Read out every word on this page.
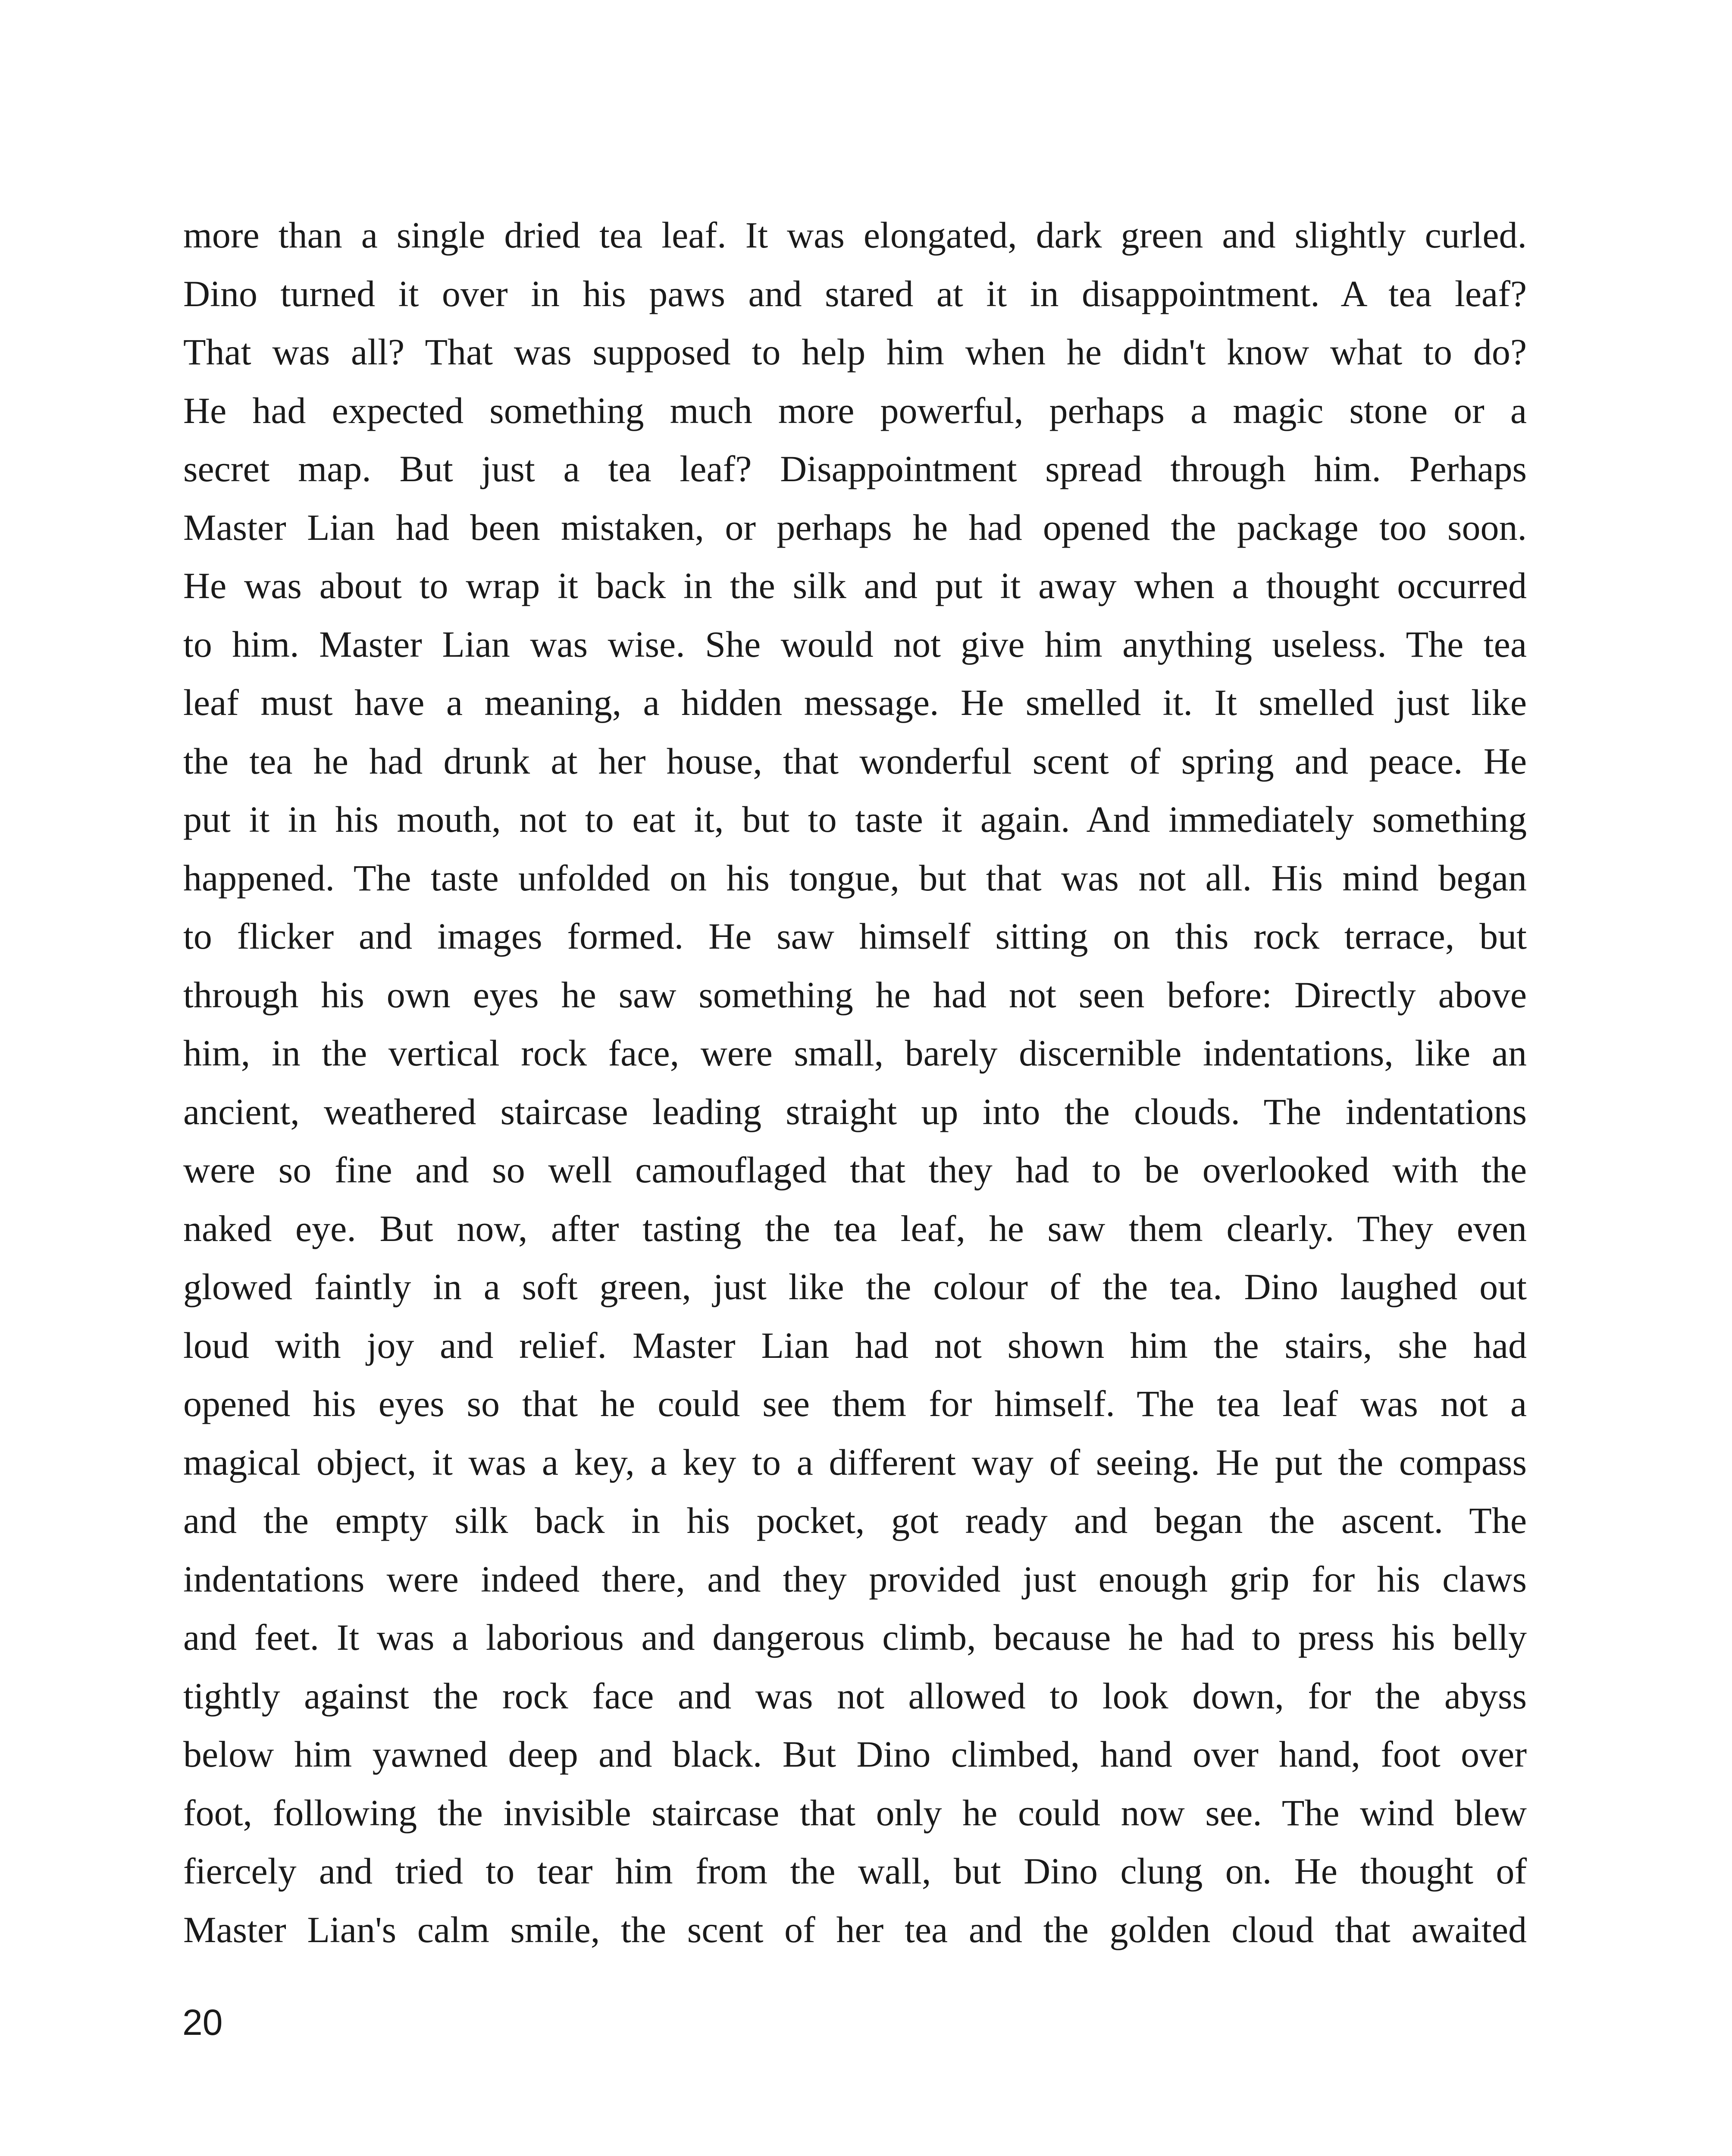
more than a single dried tea leaf. It was elongated, dark green and slightly curled.
Dino turned it over in his paws and stared at it in disappointment. A tea leaf?
That was all? That was supposed to help him when he didn't know what to do?
He had expected something much more powerful, perhaps a magic stone or a
secret map. But just a tea leaf? Disappointment spread through him. Perhaps
Master Lian had been mistaken, or perhaps he had opened the package too soon.
He was about to wrap it back in the silk and put it away when a thought occurred
to him. Master Lian was wise. She would not give him anything useless. The tea
leaf must have a meaning, a hidden message. He smelled it. It smelled just like
the tea he had drunk at her house, that wonderful scent of spring and peace. He
put it in his mouth, not to eat it, but to taste it again. And immediately something
happened. The taste unfolded on his tongue, but that was not all. His mind began
to flicker and images formed. He saw himself sitting on this rock terrace, but
through his own eyes he saw something he had not seen before: Directly above
him, in the vertical rock face, were small, barely discernible indentations, like an
ancient, weathered staircase leading straight up into the clouds. The indentations
were so fine and so well camouflaged that they had to be overlooked with the
naked eye. But now, after tasting the tea leaf, he saw them clearly. They even
glowed faintly in a soft green, just like the colour of the tea. Dino laughed out
loud with joy and relief. Master Lian had not shown him the stairs, she had
opened his eyes so that he could see them for himself. The tea leaf was not a
magical object, it was a key, a key to a different way of seeing. He put the compass
and the empty silk back in his pocket, got ready and began the ascent. The
indentations were indeed there, and they provided just enough grip for his claws
and feet. It was a laborious and dangerous climb, because he had to press his belly
tightly against the rock face and was not allowed to look down, for the abyss
below him yawned deep and black. But Dino climbed, hand over hand, foot over
foot, following the invisible staircase that only he could now see. The wind blew
fiercely and tried to tear him from the wall, but Dino clung on. He thought of
Master Lian's calm smile, the scent of her tea and the golden cloud that awaited
20
